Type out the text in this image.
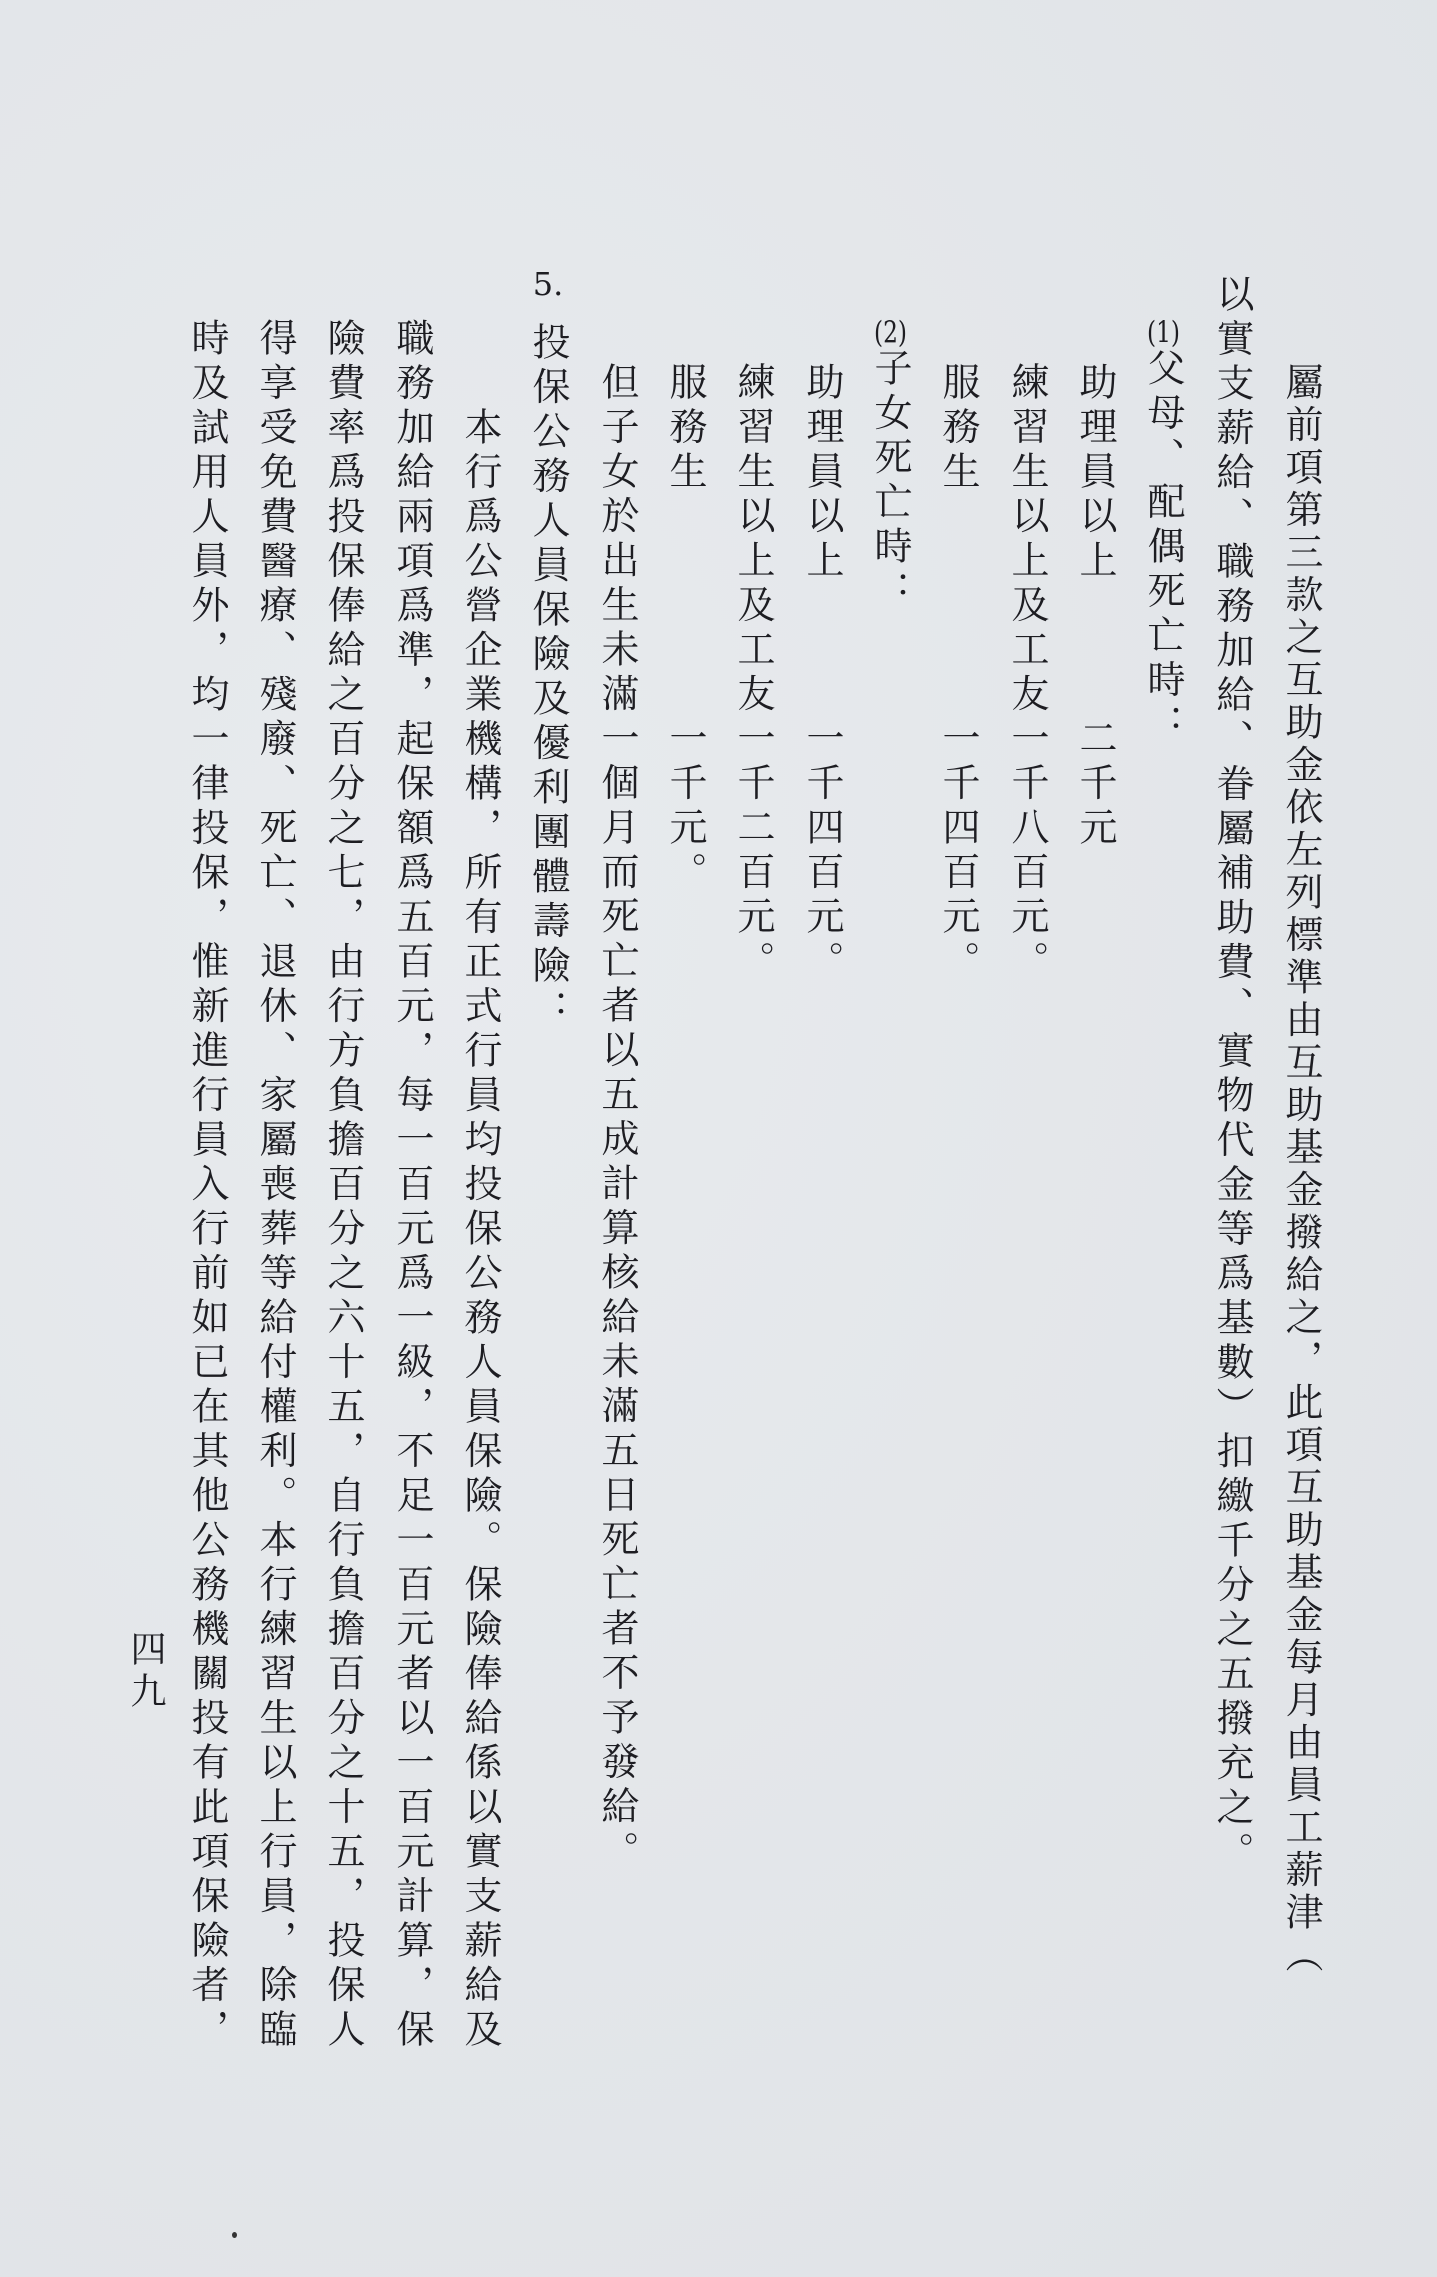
屬前項第三款之互助金依左列標準由互助基金撥給之，此項互助基金每月由員工薪津（
以實支薪給、職務加給、眷屬補助費、實物代金等爲基數）扣繳千分之五撥充之。
(1)父母、配偶死亡時：
助理員以上
二千元
練習生以上及工友一千八百元。
服務生
一千四百元。
(2)子女死亡時：
助理員以上
一千四百元。
練習生以上及工友一千二百元。
服務生
一千元。
但子女於出生未滿一個月而死亡者以五成計算核給未滿五日死亡者不予發給。
5.
投保公務人員保險及優利團體壽險：
本行爲公營企業機構，所有正式行員均投保公務人員保險。保險俸給係以實支薪給及
職務加給兩項爲準，起保額爲五百元，每一百元爲一級，不足一百元者以一百元計算，保
險費率爲投保俸給之百分之七，由行方負擔百分之六十五，自行負擔百分之十五，投保人
得享受免費醫療、殘廢、死亡、退休、家屬喪葬等給付權利。本行練習生以上行員，除臨
時及試用人員外，均一律投保，惟新進行員入行前如已在其他公務機關投有此項保險者，
四九
